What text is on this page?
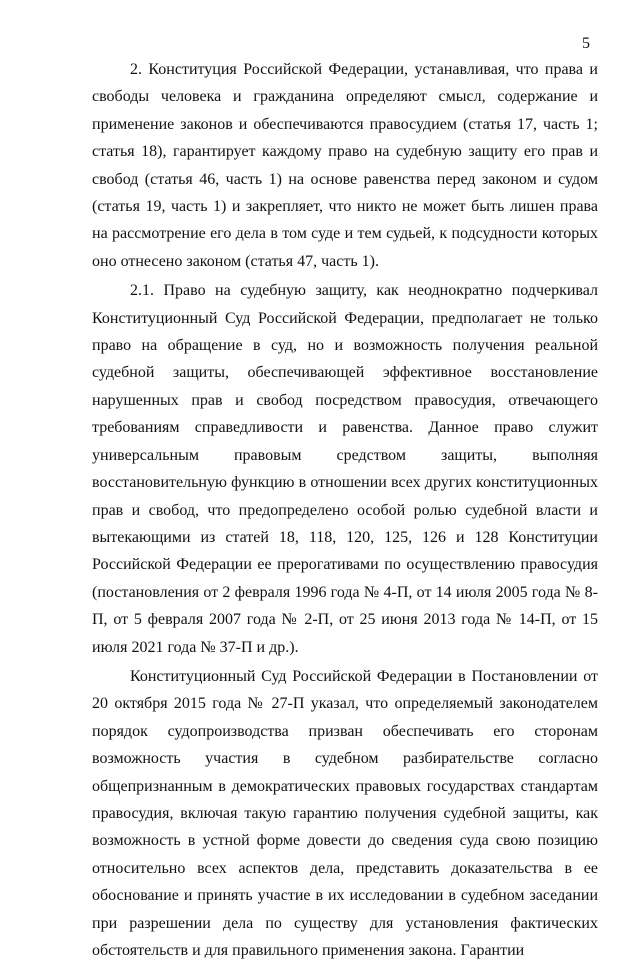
5

2. Конституция Российской Федерации, устанавливая, что права и свободы человека и гражданина определяют смысл, содержание и применение законов и обеспечиваются правосудием (статья 17, часть 1; статья 18), гарантирует каждому право на судебную защиту его прав и свобод (статья 46, часть 1) на основе равенства перед законом и судом (статья 19, часть 1) и закрепляет, что никто не может быть лишен права на рассмотрение его дела в том суде и тем судьей, к подсудности которых оно отнесено законом (статья 47, часть 1).

2.1. Право на судебную защиту, как неоднократно подчеркивал Конституционный Суд Российской Федерации, предполагает не только право на обращение в суд, но и возможность получения реальной судебной защиты, обеспечивающей эффективное восстановление нарушенных прав и свобод посредством правосудия, отвечающего требованиям справедливости и равенства. Данное право служит универсальным правовым средством защиты, выполняя восстановительную функцию в отношении всех других конституционных прав и свобод, что предопределено особой ролью судебной власти и вытекающими из статей 18, 118, 120, 125, 126 и 128 Конституции Российской Федерации ее прерогативами по осуществлению правосудия (постановления от 2 февраля 1996 года № 4-П, от 14 июля 2005 года № 8-П, от 5 февраля 2007 года № 2-П, от 25 июня 2013 года № 14-П, от 15 июля 2021 года № 37-П и др.).

Конституционный Суд Российской Федерации в Постановлении от 20 октября 2015 года № 27-П указал, что определяемый законодателем порядок судопроизводства призван обеспечивать его сторонам возможность участия в судебном разбирательстве согласно общепризнанным в демократических правовых государствах стандартам правосудия, включая такую гарантию получения судебной защиты, как возможность в устной форме довести до сведения суда свою позицию относительно всех аспектов дела, представить доказательства в ее обоснование и принять участие в их исследовании в судебном заседании при разрешении дела по существу для установления фактических обстоятельств и для правильного применения закона. Гарантии
